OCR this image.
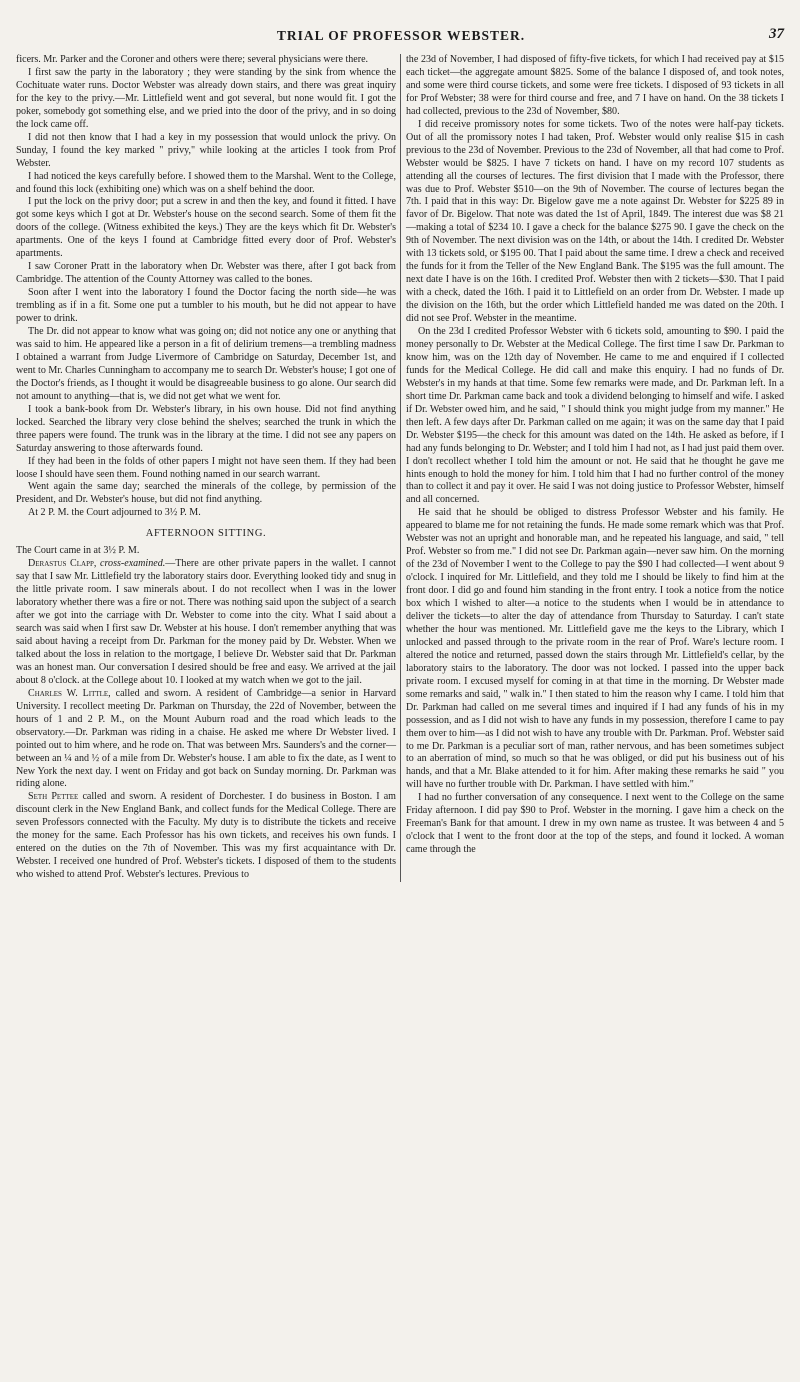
TRIAL OF PROFESSOR WEBSTER.	37

ficers. Mr. Parker and the Coroner and others were there; several physicians were there.

I first saw the party in the laboratory ; they were standing by the sink from whence the Cochituate water runs. Doctor Webster was already down stairs, and there was great inquiry for the key to the privy.—Mr. Littlefield went and got several, but none would fit. I got the poker, somebody got something else, and we pried into the door of the privy, and in so doing the lock came off.

I did not then know that I had a key in my possession that would unlock the privy. On Sunday, I found the key marked " privy," while looking at the articles I took from Prof Webster.

I had noticed the keys carefully before. I showed them to the Marshal. Went to the College, and found this lock (exhibiting one) which was on a shelf behind the door.

I put the lock on the privy door; put a screw in and then the key, and found it fitted. I have got some keys which I got at Dr. Webster's house on the second search. Some of them fit the doors of the college. (Witness exhibited the keys.) They are the keys which fit Dr. Webster's apartments. One of the keys I found at Cambridge fitted every door of Prof. Webster's apartments.

I saw Coroner Pratt in the laboratory when Dr. Webster was there, after I got back from Cambridge. The attention of the County Attorney was called to the bones.

Soon after I went into the laboratory I found the Doctor facing the north side—he was trembling as if in a fit. Some one put a tumbler to his mouth, but he did not appear to have power to drink.

The Dr. did not appear to know what was going on; did not notice any one or anything that was said to him. He appeared like a person in a fit of delirium tremens—a trembling madness I obtained a warrant from Judge Livermore of Cambridge on Saturday, December 1st, and went to Mr. Charles Cunningham to accompany me to search Dr. Webster's house; I got one of the Doctor's friends, as I thought it would be disagreeable business to go alone. Our search did not amount to anything—that is, we did not get what we went for.

I took a bank-book from Dr. Webster's library, in his own house. Did not find anything locked. Searched the library very close behind the shelves; searched the trunk in which the three papers were found. The trunk was in the library at the time. I did not see any papers on Saturday answering to those afterwards found.

If they had been in the folds of other papers I might not have seen them. If they had been loose I should have seen them. Found nothing named in our search warrant.

Went again the same day; searched the minerals of the college, by permission of the President, and Dr. Webster's house, but did not find anything.

At 2 P. M. the Court adjourned to 3½ P. M.

AFTERNOON SITTING.

The Court came in at 3½ P. M.

Derastus Clapp, cross-examined.—There are other private papers in the wallet. I cannot say that I saw Mr. Littlefield try the laboratory stairs door. Everything looked tidy and snug in the little private room. I saw minerals about. I do not recollect when I was in the lower laboratory whether there was a fire or not. There was nothing said upon the subject of a search after we got into the carriage with Dr. Webster to come into the city. What I said about a search was said when I first saw Dr. Webster at his house. I don't remember anything that was said about having a receipt from Dr. Parkman for the money paid by Dr. Webster. When we talked about the loss in relation to the mortgage, I believe Dr. Webster said that Dr. Parkman was an honest man. Our conversation I desired should be free and easy. We arrived at the jail about 8 o'clock. at the College about 10. I looked at my watch when we got to the jail.

Charles W. Little, called and sworn. A resident of Cambridge—a senior in Harvard University. I recollect meeting Dr. Parkman on Thursday, the 22d of November, between the hours of 1 and 2 P. M., on the Mount Auburn road and the road which leads to the observatory.—Dr. Parkman was riding in a chaise. He asked me where Dr Webster lived. I pointed out to him where, and he rode on. That was between Mrs. Saunders's and the corner—between an ¼ and ½ of a mile from Dr. Webster's house. I am able to fix the date, as I went to New York the next day. I went on Friday and got back on Sunday morning. Dr. Parkman was riding alone.

Seth Pettee called and sworn. A resident of Dorchester. I do business in Boston. I am discount clerk in the New England Bank, and collect funds for the Medical College. There are seven Professors connected with the Faculty. My duty is to distribute the tickets and receive the money for the same. Each Professor has his own tickets, and receives his own funds. I entered on the duties on the 7th of November. This was my first acquaintance with Dr. Webster. I received one hundred of Prof. Webster's tickets. I disposed of them to the students who wished to attend Prof. Webster's lectures. Previous to

the 23d of November, I had disposed of fifty-five tickets, for which I had received pay at $15 each ticket—the aggregate amount $825. Some of the balance I disposed of, and took notes, and some were third course tickets, and some were free tickets. I disposed of 93 tickets in all for Prof Webster; 38 were for third course and free, and 7 I have on hand. On the 38 tickets I had collected, previous to the 23d of November, $80.

I did receive promissory notes for some tickets. Two of the notes were half-pay tickets. Out of all the promissory notes I had taken, Prof. Webster would only realise $15 in cash previous to the 23d of November. Previous to the 23d of November, all that had come to Prof. Webster would be $825. I have 7 tickets on hand. I have on my record 107 students as attending all the courses of lectures. The first division that I made with the Professor, there was due to Prof. Webster $510—on the 9th of November. The course of lectures began the 7th. I paid that in this way: Dr. Bigelow gave me a note against Dr. Webster for $225 89 in favor of Dr. Bigelow. That note was dated the 1st of April, 1849. The interest due was $8 21—making a total of $234 10. I gave a check for the balance $275 90. I gave the check on the 9th of November. The next division was on the 14th, or about the 14th. I credited Dr. Webster with 13 tickets sold, or $195 00. That I paid about the same time. I drew a check and received the funds for it from the Teller of the New England Bank. The $195 was the full amount. The next date I have is on the 16th. I credited Prof. Webster then with 2 tickets—$30. That I paid with a check, dated the 16th. I paid it to Littlefield on an order from Dr. Webster. I made up the division on the 16th, but the order which Littlefield handed me was dated on the 20th. I did not see Prof. Webster in the meantime.

On the 23d I credited Professor Webster with 6 tickets sold, amounting to $90. I paid the money personally to Dr. Webster at the Medical College. The first time I saw Dr. Parkman to know him, was on the 12th day of November. He came to me and enquired if I collected funds for the Medical College. He did call and make this enquiry. I had no funds of Dr. Webster's in my hands at that time. Some few remarks were made, and Dr. Parkman left. In a short time Dr. Parkman came back and took a dividend belonging to himself and wife. I asked if Dr. Webster owed him, and he said, " I should think you might judge from my manner." He then left. A few days after Dr. Parkman called on me again; it was on the same day that I paid Dr. Webster $195—the check for this amount was dated on the 14th. He asked as before, if I had any funds belonging to Dr. Webster; and I told him I had not, as I had just paid them over. I don't recollect whether I told him the amount or not. He said that he thought he gave me hints enough to hold the money for him. I told him that I had no further control of the money than to collect it and pay it over. He said I was not doing justice to Professor Webster, himself and all concerned.

He said that he should be obliged to distress Professor Webster and his family. He appeared to blame me for not retaining the funds. He made some remark which was that Prof. Webster was not an upright and honorable man, and he repeated his language, and said, " tell Prof. Webster so from me." I did not see Dr. Parkman again—never saw him. On the morning of the 23d of November I went to the College to pay the $90 I had collected—I went about 9 o'clock. I inquired for Mr. Littlefield, and they told me I should be likely to find him at the front door. I did go and found him standing in the front entry. I took a notice from the notice box which I wished to alter—a notice to the students when I would be in attendance to deliver the tickets—to alter the day of attendance from Thursday to Saturday. I can't state whether the hour was mentioned. Mr. Littlefield gave me the keys to the Library, which I unlocked and passed through to the private room in the rear of Prof. Ware's lecture room. I altered the notice and returned, passed down the stairs through Mr. Littlefield's cellar, by the laboratory stairs to the laboratory. The door was not locked. I passed into the upper back private room. I excused myself for coming in at that time in the morning. Dr Webster made some remarks and said, " walk in." I then stated to him the reason why I came. I told him that Dr. Parkman had called on me several times and inquired if I had any funds of his in my possession, and as I did not wish to have any funds in my possession, therefore I came to pay them over to him—as I did not wish to have any trouble with Dr. Parkman. Prof. Webster said to me Dr. Parkman is a peculiar sort of man, rather nervous, and has been sometimes subject to an aberration of mind, so much so that he was obliged, or did put his business out of his hands, and that a Mr. Blake attended to it for him. After making these remarks he said " you will have no further trouble with Dr. Parkman. I have settled with him."

I had no further conversation of any consequence. I next went to the College on the same Friday afternoon. I did pay $90 to Prof. Webster in the morning. I gave him a check on the Freeman's Bank for that amount. I drew in my own name as trustee. It was between 4 and 5 o'clock that I went to the front door at the top of the steps, and found it locked. A woman came through the
